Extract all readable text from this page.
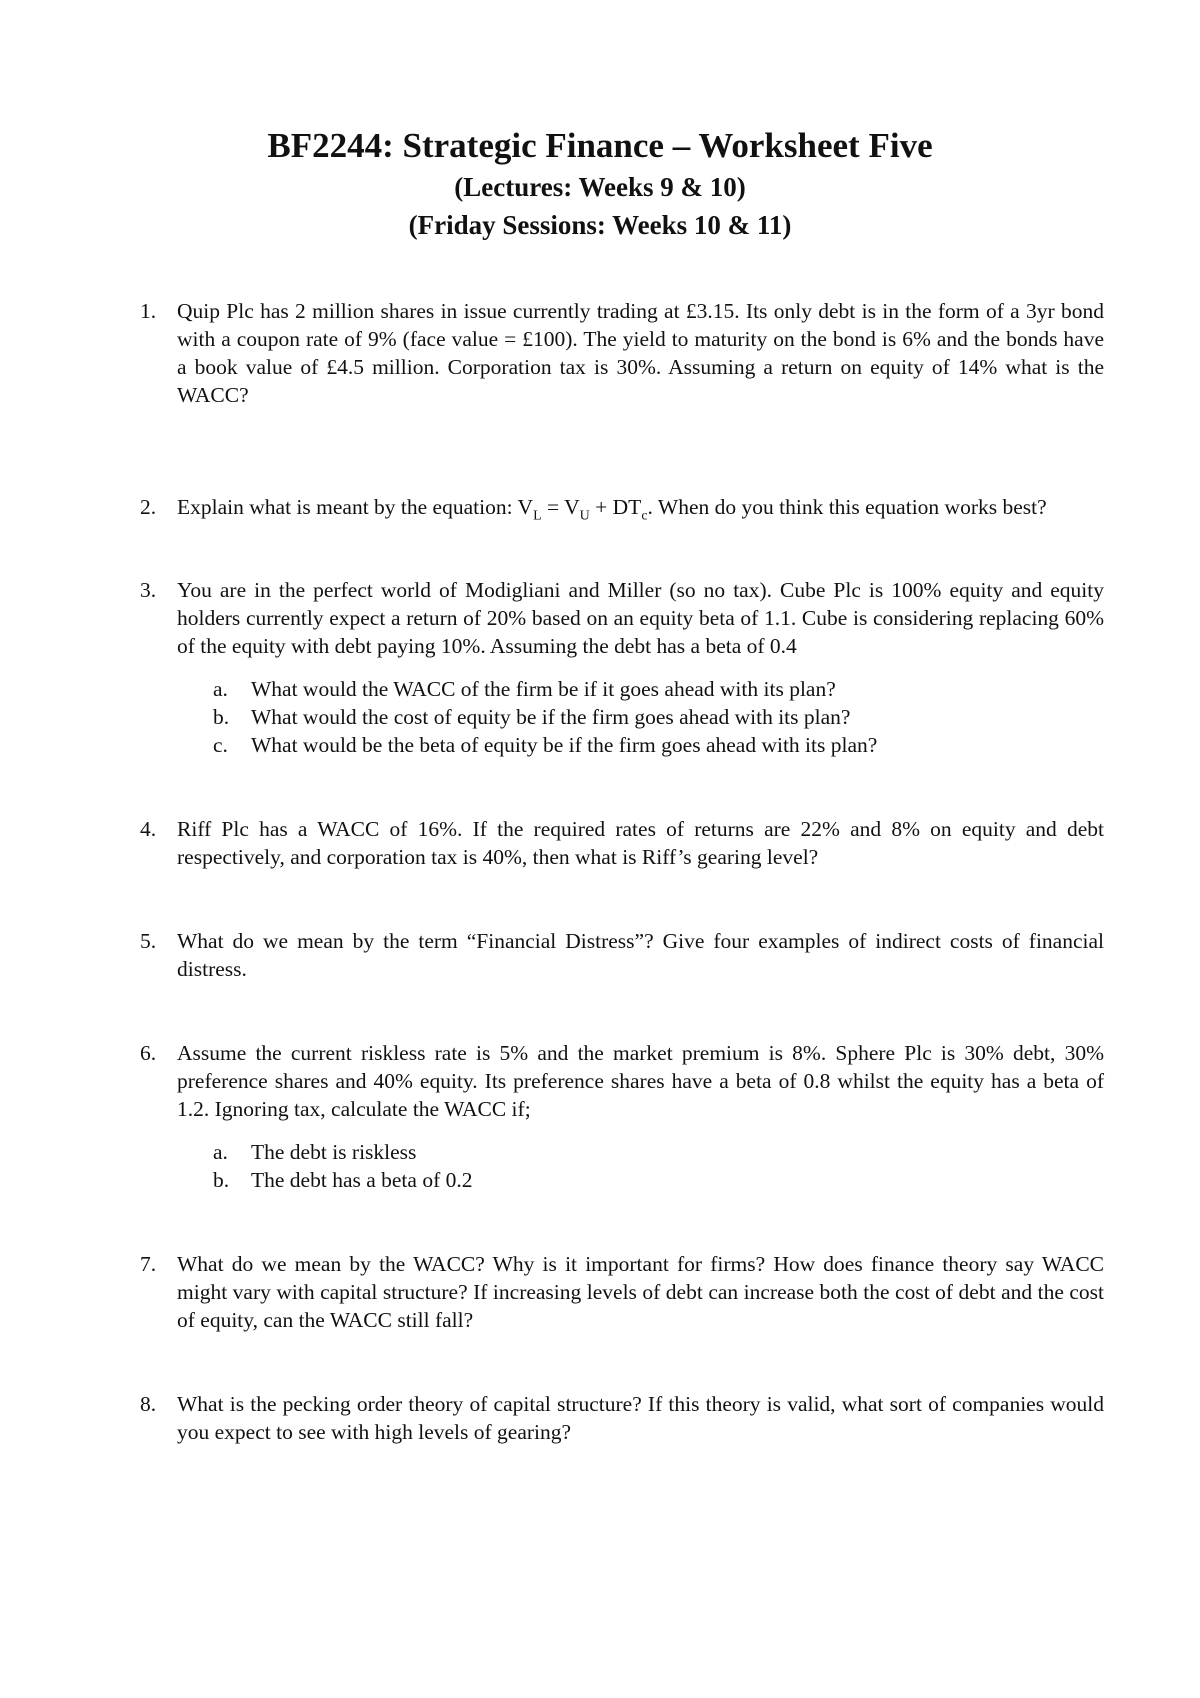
BF2244: Strategic Finance – Worksheet Five

(Lectures: Weeks 9 & 10)

(Friday Sessions: Weeks 10 & 11)

1. Quip Plc has 2 million shares in issue currently trading at £3.15. Its only debt is in the form of a 3yr bond with a coupon rate of 9% (face value = £100). The yield to maturity on the bond is 6% and the bonds have a book value of £4.5 million. Corporation tax is 30%. Assuming a return on equity of 14% what is the WACC?

2. Explain what is meant by the equation: $V_L = V_U + DT_c$. When do you think this equation works best?

3. You are in the perfect world of Modigliani and Miller (so no tax). Cube Plc is 100% equity and equity holders currently expect a return of 20% based on an equity beta of 1.1. Cube is considering replacing 60% of the equity with debt paying 10%. Assuming the debt has a beta of 0.4

a. What would the WACC of the firm be if it goes ahead with its plan?
b. What would the cost of equity be if the firm goes ahead with its plan?
c. What would be the beta of equity be if the firm goes ahead with its plan?
4. Riff Plc has a WACC of 16%. If the required rates of returns are 22% and 8% on equity and debt respectively, and corporation tax is 40%, then what is Riff’s gearing level?

5. What do we mean by the term “Financial Distress”? Give four examples of indirect costs of financial distress.

6. Assume the current riskless rate is 5% and the market premium is 8%. Sphere Plc is 30% debt, 30% preference shares and 40% equity. Its preference shares have a beta of 0.8 whilst the equity has a beta of 1.2. Ignoring tax, calculate the WACC if;

a. The debt is riskless
b. The debt has a beta of 0.2
7. What do we mean by the WACC? Why is it important for firms? How does finance theory say WACC might vary with capital structure? If increasing levels of debt can increase both the cost of debt and the cost of equity, can the WACC still fall?

8. What is the pecking order theory of capital structure? If this theory is valid, what sort of companies would you expect to see with high levels of gearing?
